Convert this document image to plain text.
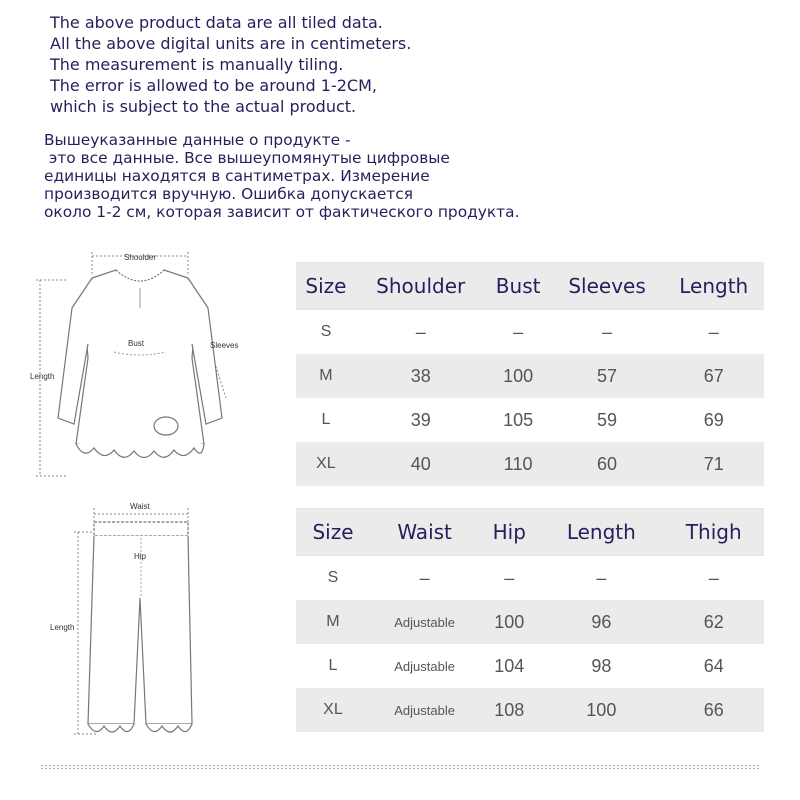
The above product data are all tiled data.
All the above digital units are in centimeters.
The measurement is manually tiling.
The error is allowed to be around 1-2CM,
which is subject to the actual product.
Вышеуказанные данные о продукте -
это все данные. Все вышеупомянутые цифровые
единицы находятся в сантиметрах. Измерение
производится вручную. Ошибка допускается
около 1-2 см, которая зависит от фактического продукта.
Shoulder
Bust	Sleeves
Length
Waist
Hip
Length
Size	Shoulder	Bust	Sleeves	Length
S	–	–	–	–
M	38	100	57	67
L	39	105	59	69
XL	40	110	60	71
Size	Waist	Hip	Length	Thigh
S	–	–	–	–
M	Adjustable	100	96	62
L	Adjustable	104	98	64
XL	Adjustable	108	100	66
